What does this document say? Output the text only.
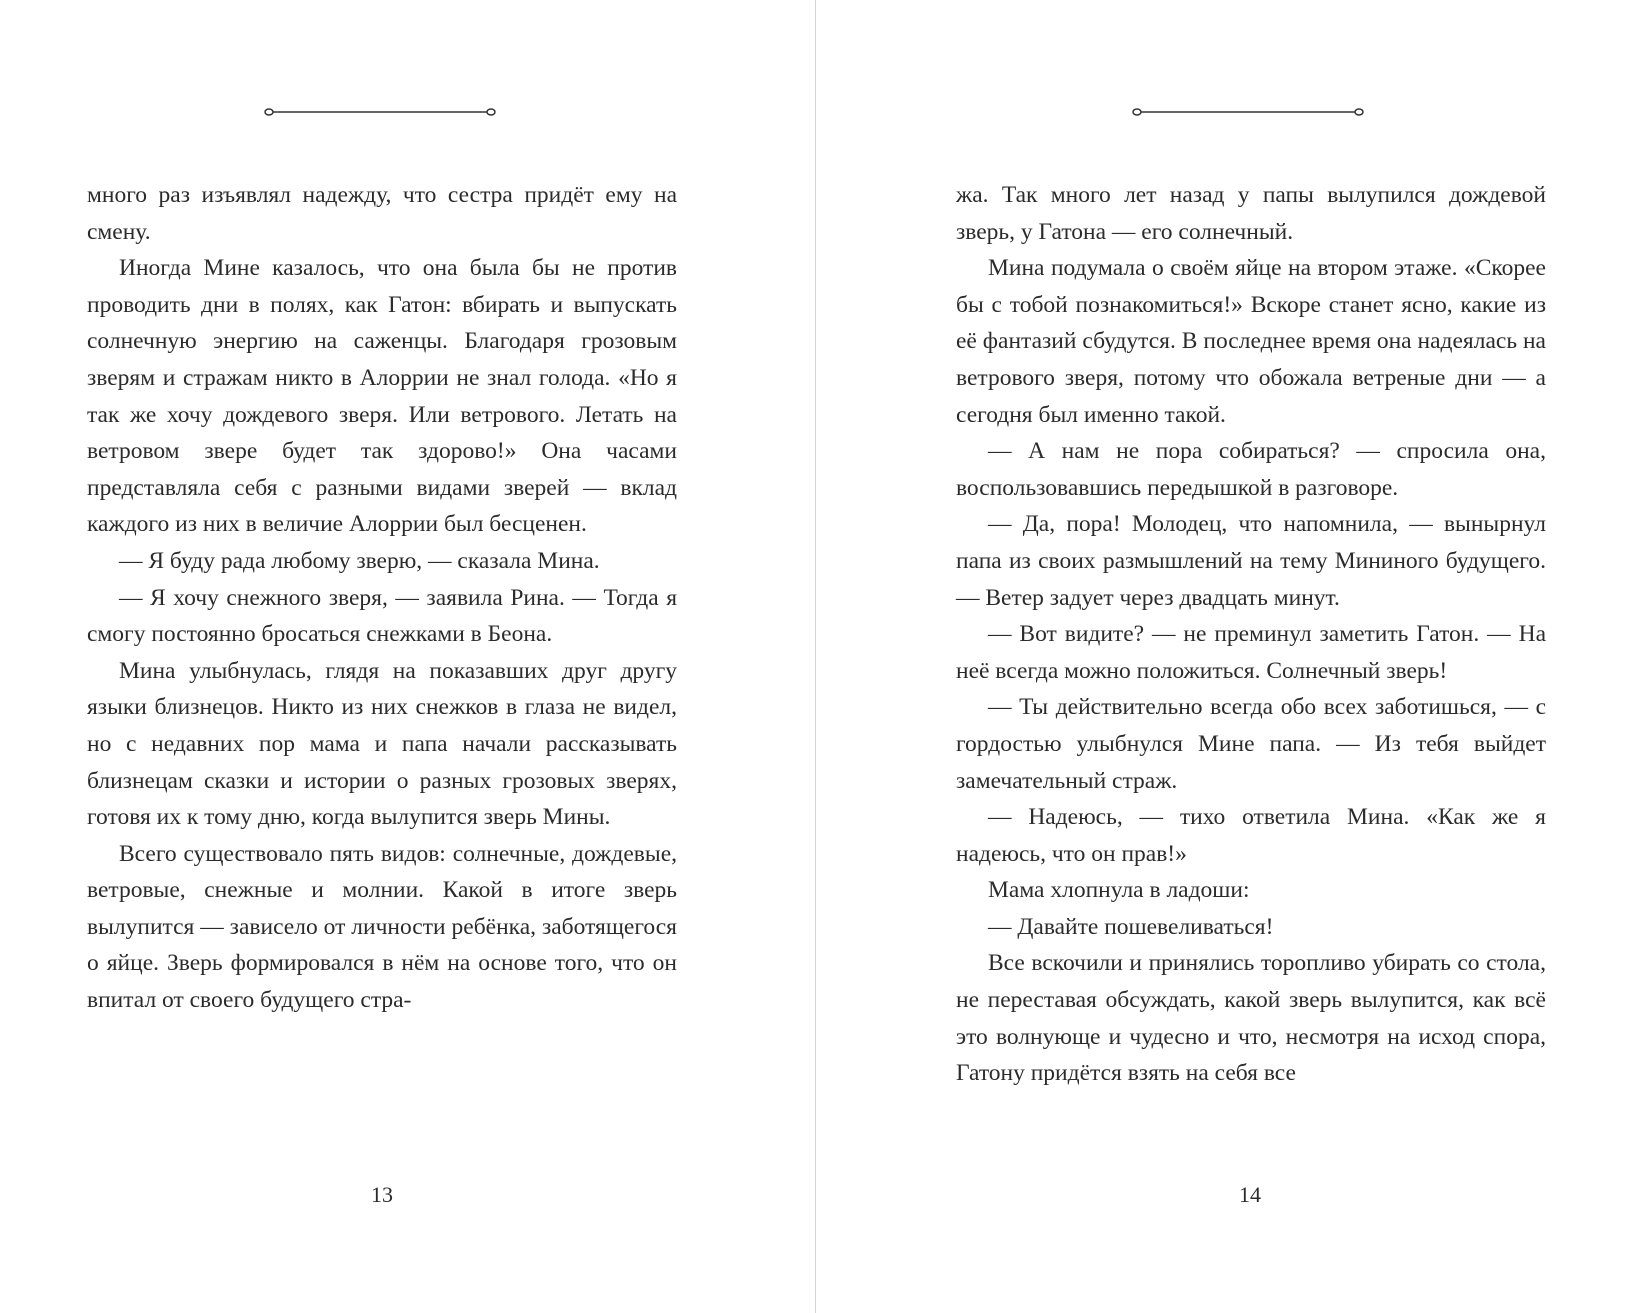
много раз изъявлял надежду, что сестра придёт ему на смену.

Иногда Мине казалось, что она была бы не против проводить дни в полях, как Гатон: вбирать и выпускать солнечную энергию на саженцы. Благодаря грозовым зверям и стражам никто в Алоррии не знал голода. «Но я так же хочу дождевого зверя. Или ветрового. Летать на ветровом звере будет так здорово!» Она часами представляла себя с разными видами зверей — вклад каждого из них в величие Алоррии был бесценен.

— Я буду рада любому зверю, — сказала Мина.

— Я хочу снежного зверя, — заявила Рина. — Тогда я смогу постоянно бросаться снежками в Беона.

Мина улыбнулась, глядя на показавших друг другу языки близнецов. Никто из них снежков в глаза не видел, но с недавних пор мама и папа начали рассказывать близнецам сказки и истории о разных грозовых зверях, готовя их к тому дню, когда вылупится зверь Мины.

Всего существовало пять видов: солнечные, дождевые, ветровые, снежные и молнии. Какой в итоге зверь вылупится — зависело от личности ребёнка, заботящегося о яйце. Зверь формировался в нём на основе того, что он впитал от своего будущего стра-

13

жа. Так много лет назад у папы вылупился дождевой зверь, у Гатона — его солнечный.

Мина подумала о своём яйце на втором этаже. «Скорее бы с тобой познакомиться!» Вскоре станет ясно, какие из её фантазий сбудутся. В последнее время она надеялась на ветрового зверя, потому что обожала ветреные дни — а сегодня был именно такой.

— А нам не пора собираться? — спросила она, воспользовавшись передышкой в разговоре.

— Да, пора! Молодец, что напомнила, — вынырнул папа из своих размышлений на тему Мининого будущего. — Ветер задует через двадцать минут.

— Вот видите? — не преминул заметить Гатон. — На неё всегда можно положиться. Солнечный зверь!

— Ты действительно всегда обо всех заботишься, — с гордостью улыбнулся Мине папа. — Из тебя выйдет замечательный страж.

— Надеюсь, — тихо ответила Мина. «Как же я надеюсь, что он прав!»

Мама хлопнула в ладоши:

— Давайте пошевеливаться!

Все вскочили и принялись торопливо убирать со стола, не переставая обсуждать, какой зверь вылупится, как всё это волнующе и чудесно и что, несмотря на исход спора, Гатону придётся взять на себя все

14
